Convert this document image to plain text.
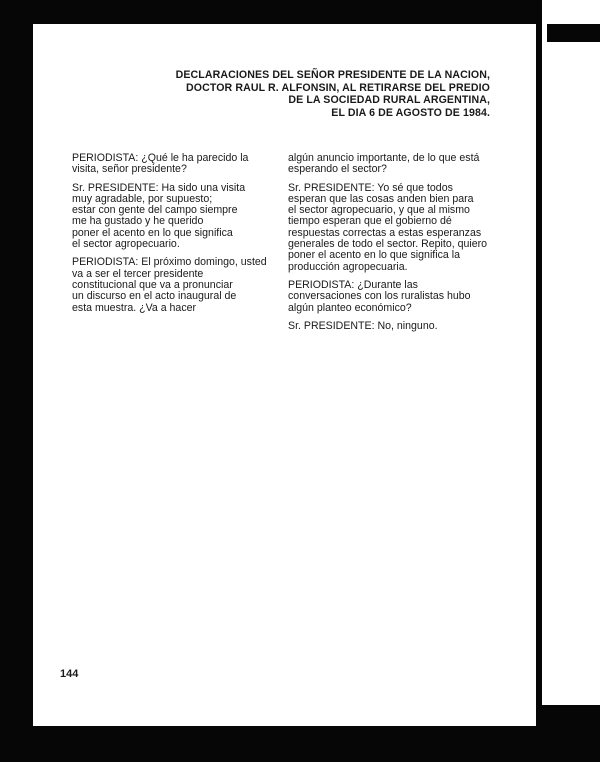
DECLARACIONES DEL SEÑOR PRESIDENTE DE LA NACION,
DOCTOR RAUL R. ALFONSIN, AL RETIRARSE DEL PREDIO
DE LA SOCIEDAD RURAL ARGENTINA,
EL DIA 6 DE AGOSTO DE 1984.

PERIODISTA: ¿Qué le ha parecido la
visita, señor presidente?

Sr. PRESIDENTE: Ha sido una visita
muy agradable, por supuesto;
estar con gente del campo siempre
me ha gustado y he querido
poner el acento en lo que significa
el sector agropecuario.

PERIODISTA: El próximo domingo, usted
va a ser el tercer presidente
constitucional que va a pronunciar
un discurso en el acto inaugural de
esta muestra. ¿Va a hacer

algún anuncio importante, de lo que está
esperando el sector?

Sr. PRESIDENTE: Yo sé que todos
esperan que las cosas anden bien para
el sector agropecuario, y que al mismo
tiempo esperan que el gobierno dé
respuestas correctas a estas esperanzas
generales de todo el sector. Repito, quiero
poner el acento en lo que significa la
producción agropecuaria.

PERIODISTA: ¿Durante las
conversaciones con los ruralistas hubo
algún planteo económico?

Sr. PRESIDENTE: No, ninguno.

144
